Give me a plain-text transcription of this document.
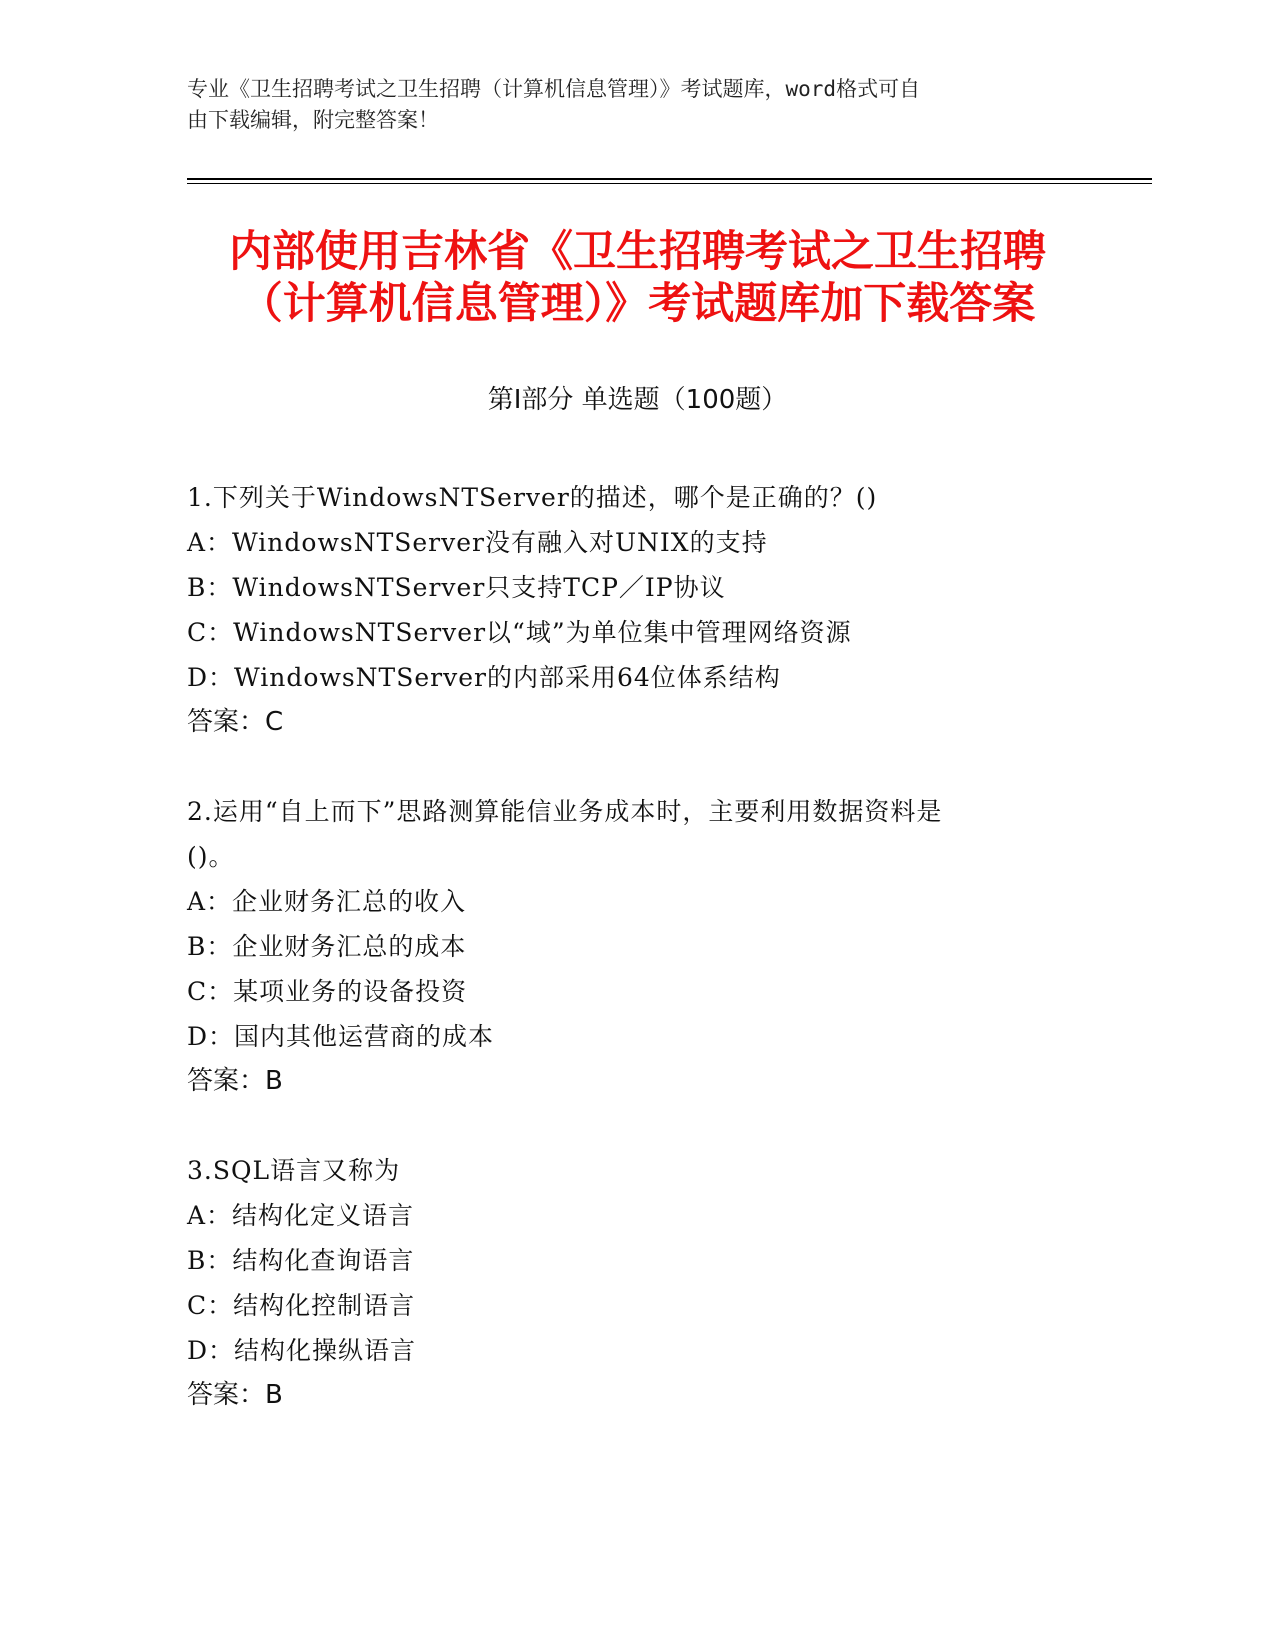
专业《卫生招聘考试之卫生招聘（计算机信息管理）》考试题库，word格式可自

由下载编辑，附完整答案！

内部使用吉林省《卫生招聘考试之卫生招聘
（计算机信息管理）》考试题库加下载答案
第Ⅰ部分 单选题（100题）

1.下列关于WindowsNTServer的描述，哪个是正确的？()

A：WindowsNTServer没有融入对UNIX的支持

B：WindowsNTServer只支持TCP／IP协议

C：WindowsNTServer以“域”为单位集中管理网络资源

D：WindowsNTServer的内部采用64位体系结构

答案：C

2.运用“自上而下”思路测算能信业务成本时，主要利用数据资料是
()。

A：企业财务汇总的收入

B：企业财务汇总的成本

C：某项业务的设备投资

D：国内其他运营商的成本

答案：B

3.SQL语言又称为

A：结构化定义语言

B：结构化查询语言

C：结构化控制语言

D：结构化操纵语言

答案：B
